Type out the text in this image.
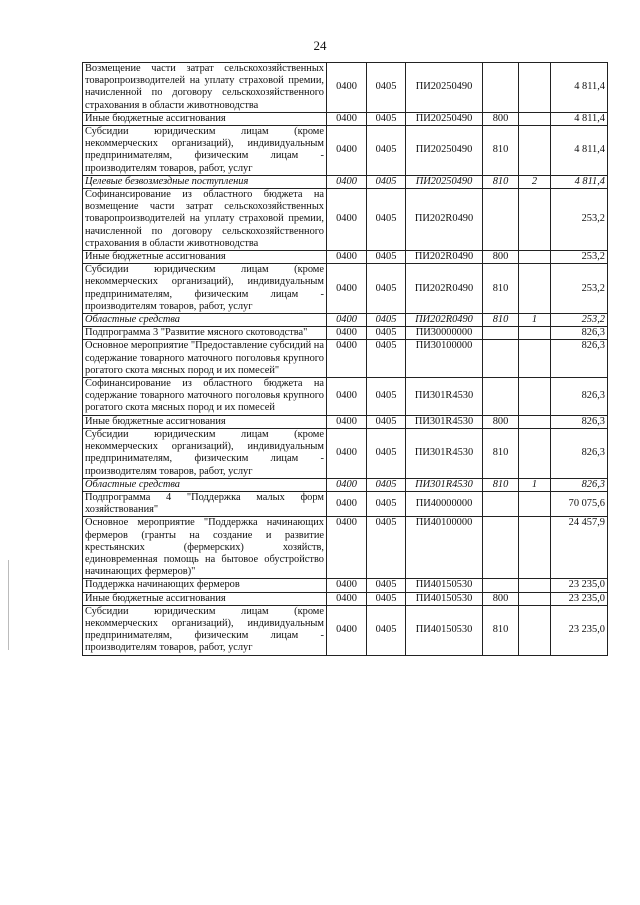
24
Возмещение части затрат сельскохозяйственных товаропроизводителей на уплату страховой премии, начисленной по договору сельскохозяйственного страхования в области животноводства	0400	0405	ПИ20250490			4 811,4
Иные бюджетные ассигнования	0400	0405	ПИ20250490	800		4 811,4
Субсидии юридическим лицам (кроме некоммерческих организаций), индивидуальным предпринимателям, физическим лицам - производителям товаров, работ, услуг	0400	0405	ПИ20250490	810		4 811,4
Целевые безвозмездные поступления	0400	0405	ПИ20250490	810	2	4 811,4
Софинансирование из областного бюджета на возмещение части затрат сельскохозяйственных товаропроизводителей на уплату страховой премии, начисленной по договору сельскохозяйственного страхования в области животноводства	0400	0405	ПИ202R0490			253,2
Иные бюджетные ассигнования	0400	0405	ПИ202R0490	800		253,2
Субсидии юридическим лицам (кроме некоммерческих организаций), индивидуальным предпринимателям, физическим лицам - производителям товаров, работ, услуг	0400	0405	ПИ202R0490	810		253,2
Областные средства	0400	0405	ПИ202R0490	810	1	253,2
Подпрограмма 3 "Развитие мясного скотоводства"	0400	0405	ПИ30000000			826,3
Основное мероприятие "Предоставление субсидий на содержание товарного маточного поголовья крупного рогатого скота мясных пород и их помесей"	0400	0405	ПИ30100000			826,3
Софинансирование из областного бюджета на содержание товарного маточного поголовья крупного рогатого скота мясных пород и их помесей	0400	0405	ПИ301R4530			826,3
Иные бюджетные ассигнования	0400	0405	ПИ301R4530	800		826,3
Субсидии юридическим лицам (кроме некоммерческих организаций), индивидуальным предпринимателям, физическим лицам - производителям товаров, работ, услуг	0400	0405	ПИ301R4530	810		826,3
Областные средства	0400	0405	ПИ301R4530	810	1	826,3
Подпрограмма 4 "Поддержка малых форм хозяйствования"	0400	0405	ПИ40000000			70 075,6
Основное мероприятие "Поддержка начинающих фермеров (гранты на создание и развитие крестьянских (фермерских) хозяйств, единовременная помощь на бытовое обустройство начинающих фермеров)"	0400	0405	ПИ40100000			24 457,9
Поддержка начинающих фермеров	0400	0405	ПИ40150530			23 235,0
Иные бюджетные ассигнования	0400	0405	ПИ40150530	800		23 235,0
Субсидии юридическим лицам (кроме некоммерческих организаций), индивидуальным предпринимателям, физическим лицам - производителям товаров, работ, услуг	0400	0405	ПИ40150530	810		23 235,0
